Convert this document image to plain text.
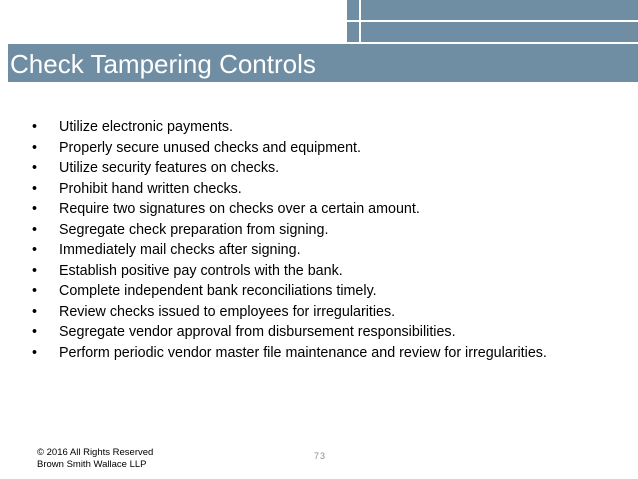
Check Tampering Controls
• Utilize electronic payments.
• Properly secure unused checks and equipment.
• Utilize security features on checks.
• Prohibit hand written checks.
• Require two signatures on checks over a certain amount.
• Segregate check preparation from signing.
• Immediately mail checks after signing.
• Establish positive pay controls with the bank.
• Complete independent bank reconciliations timely.
• Review checks issued to employees for irregularities.
• Segregate vendor approval from disbursement responsibilities.
• Perform periodic vendor master file maintenance and review for irregularities.
© 2016 All Rights Reserved
Brown Smith Wallace LLP
73
